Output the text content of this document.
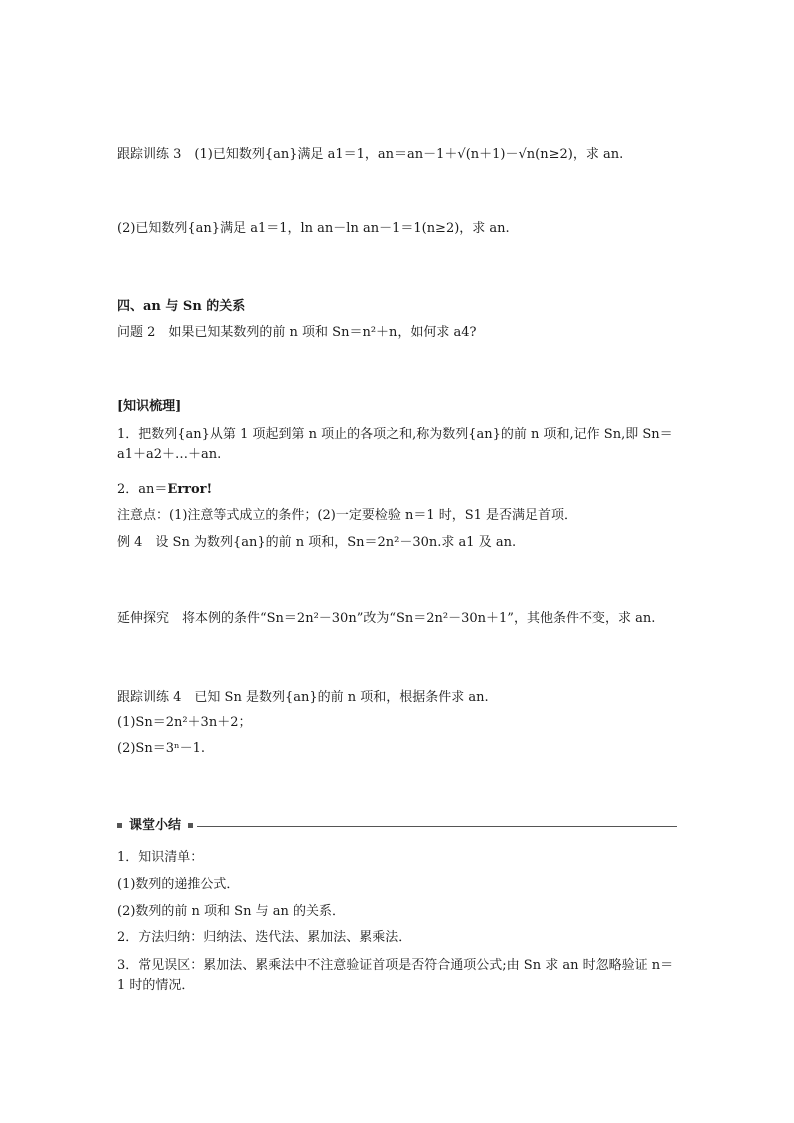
跟踪训练 3　(1)已知数列{an}满足 a1＝1，an＝an－1＋√(n＋1)－√n(n≥2)，求 an.
(2)已知数列{an}满足 a1＝1，ln an－ln an－1＝1(n≥2)，求 an.
四、an 与 Sn 的关系
问题 2　如果已知某数列的前 n 项和 Sn＝n²＋n，如何求 a4?
[知识梳理]
1．把数列{an}从第 1 项起到第 n 项止的各项之和,称为数列{an}的前 n 项和,记作 Sn,即 Sn＝a1＋a2＋…＋an.
2．an＝Error!
注意点：(1)注意等式成立的条件；(2)一定要检验 n＝1 时，S1 是否满足首项．
例 4　设 Sn 为数列{an}的前 n 项和，Sn＝2n²－30n.求 a1 及 an.
延伸探究　将本例的条件“Sn＝2n²－30n”改为“Sn＝2n²－30n＋1”，其他条件不变，求 an.
跟踪训练 4　已知 Sn 是数列{an}的前 n 项和，根据条件求 an.
(1)Sn＝2n²＋3n＋2；
(2)Sn＝3ⁿ－1.
课堂小结
1．知识清单：
(1)数列的递推公式．
(2)数列的前 n 项和 Sn 与 an 的关系．
2．方法归纳：归纳法、迭代法、累加法、累乘法．
3．常见误区：累加法、累乘法中不注意验证首项是否符合通项公式;由 Sn 求 an 时忽略验证 n＝1 时的情况．
